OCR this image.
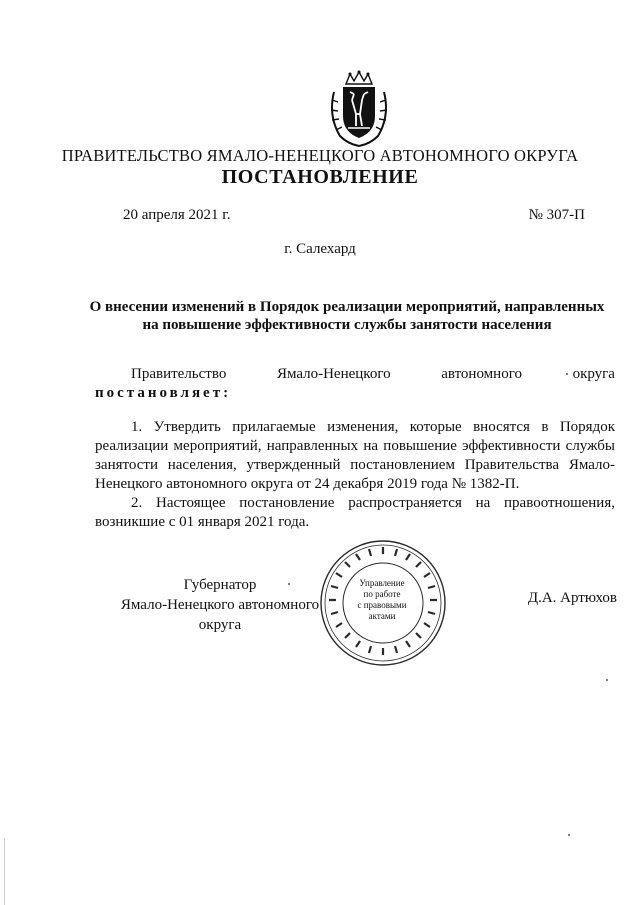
ПРАВИТЕЛЬСТВО ЯМАЛО-НЕНЕЦКОГО АВТОНОМНОГО ОКРУГА
ПОСТАНОВЛЕНИЕ
20 апреля 2021 г.	№ 307-П
г. Салехард
О внесении изменений в Порядок реализации мероприятий, направленных
на повышение эффективности службы занятости населения
Правительство	Ямало-Ненецкого	автономного	округа
постановляет:
1. Утвердить прилагаемые изменения, которые вносятся в Порядок реализации мероприятий, направленных на повышение эффективности службы занятости населения, утвержденный постановлением Правительства Ямало-Ненецкого автономного округа от 24 декабря 2019 года № 1382-П.
2. Настоящее постановление распространяется на правоотношения, возникшие с 01 января 2021 года.
Губернатор
Ямало-Ненецкого автономного округа
Управление
по работе
с правовыми
актами
Д.А. Артюхов
